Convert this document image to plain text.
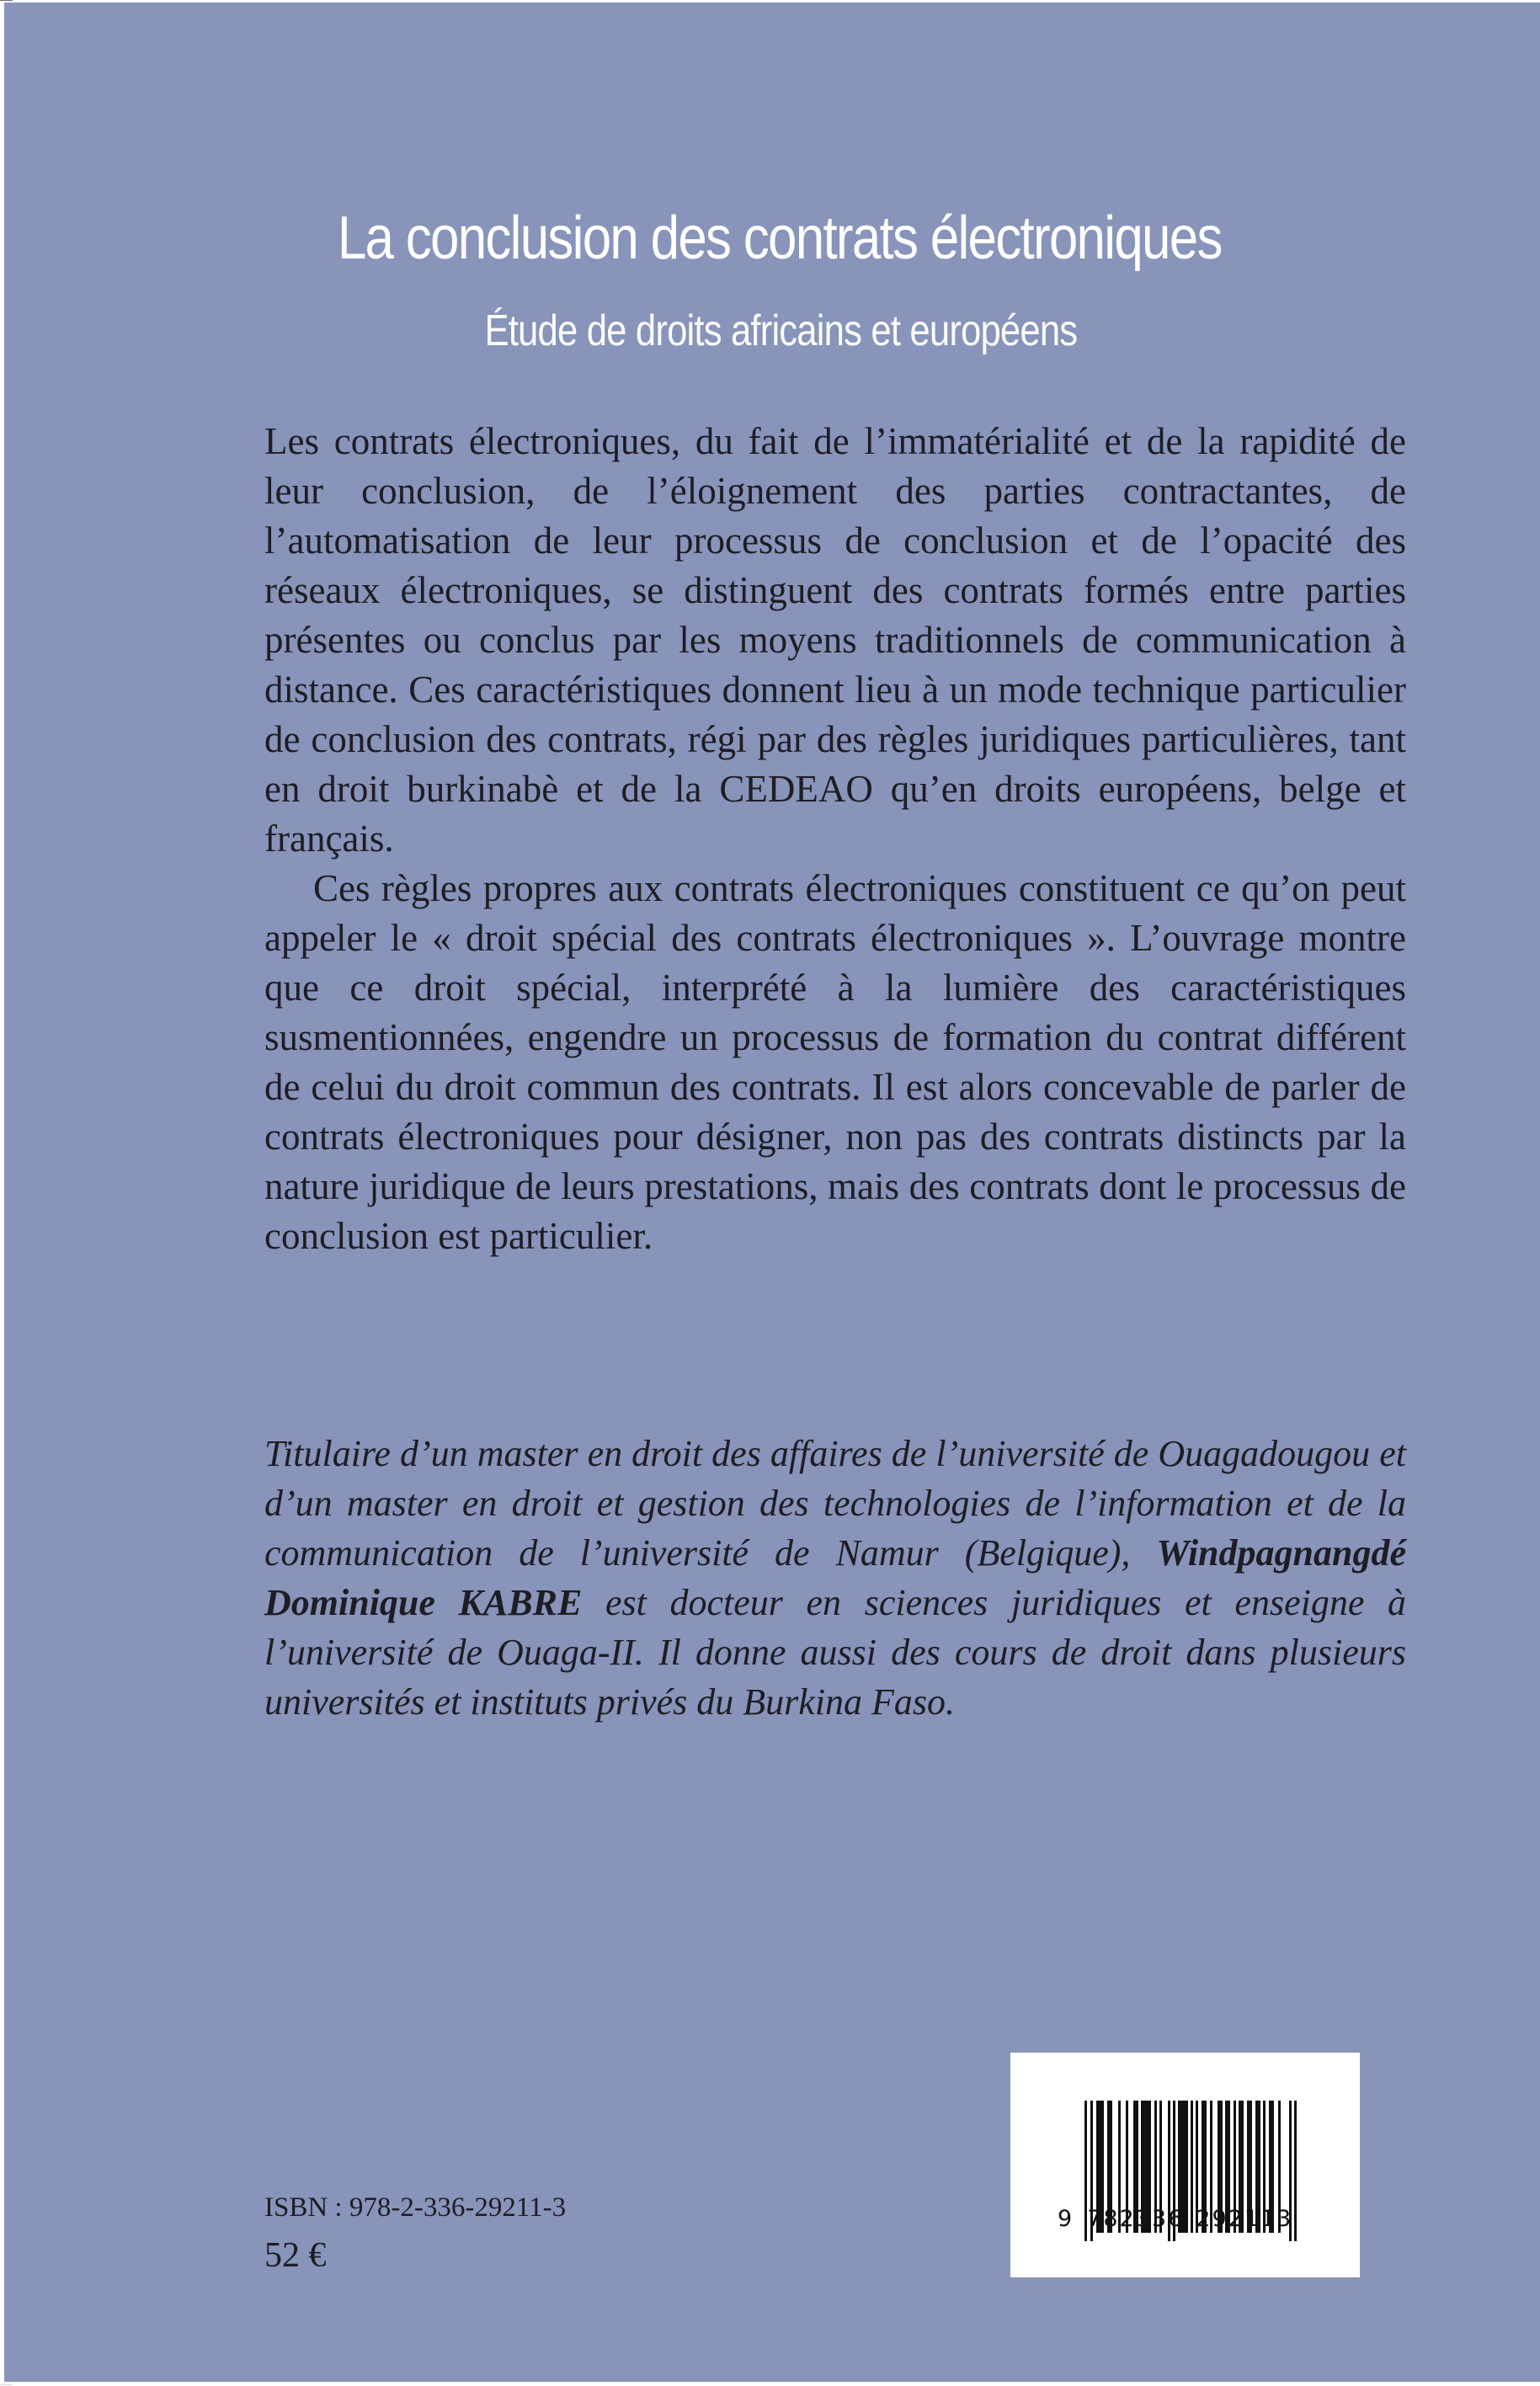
La conclusion des contrats électroniques
Étude de droits africains et européens

Les contrats électroniques, du fait de l’immatérialité et de la rapidité de leur conclusion, de l’éloignement des parties contractantes, de l’automatisation de leur processus de conclusion et de l’opacité des réseaux électroniques, se distinguent des contrats formés entre parties présentes ou conclus par les moyens traditionnels de communication à distance. Ces caractéristiques donnent lieu à un mode technique particulier de conclusion des contrats, régi par des règles juridiques particulières, tant en droit burkinabè et de la CEDEAO qu’en droits européens, belge et français.

Ces règles propres aux contrats électroniques constituent ce qu’on peut appeler le « droit spécial des contrats électroniques ». L’ouvrage montre que ce droit spécial, interprété à la lumière des caractéristiques susmentionnées, engendre un processus de formation du contrat différent de celui du droit commun des contrats. Il est alors concevable de parler de contrats électroniques pour désigner, non pas des contrats distincts par la nature juridique de leurs prestations, mais des contrats dont le processus de conclusion est particulier.

Titulaire d’un master en droit des affaires de l’université de Ouagadougou et d’un master en droit et gestion des technologies de l’information et de la communication de l’université de Namur (Belgique), Windpagnangdé Dominique KABRE est docteur en sciences juridiques et enseigne à l’université de Ouaga-II. Il donne aussi des cours de droit dans plusieurs universités et instituts privés du Burkina Faso.
ISBN : 978-2-336-29211-3
52 €
9 782336 292113
